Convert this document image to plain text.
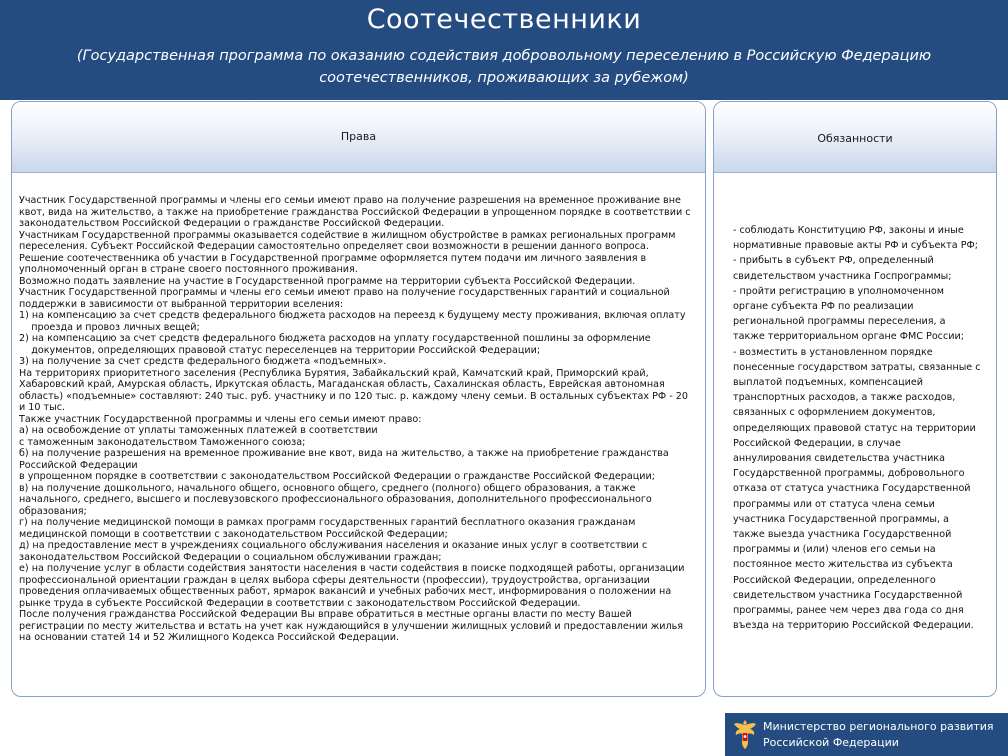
Соотечественники
(Государственная программа по оказанию содействия добровольному переселению в Российскую Федерацию соотечественников, проживающих за рубежом)
Права
Участник Государственной программы и члены его семьи имеют право на получение разрешения на временное проживание вне
квот, вида на жительство, а также на приобретение гражданства Российской Федерации в упрощенном порядке в соответствии с
законодательством Российской Федерации о гражданстве Российской Федерации.
Участникам Государственной программы оказывается содействие в жилищном обустройстве в рамках региональных программ
переселения. Субъект Российской Федерации самостоятельно определяет свои возможности в решении данного вопроса.
Решение соотечественника об участии в Государственной программе оформляется путем подачи им личного заявления в
уполномоченный орган в стране своего постоянного проживания.
Возможно подать заявление на участие в Государственной программе на территории субъекта Российской Федерации.
Участник Государственной программы и члены его семьи имеют право на получение государственных гарантий и социальной
поддержки в зависимости от выбранной территории вселения:
1) на компенсацию за счет средств федерального бюджета расходов на переезд к будущему месту проживания, включая оплату
проезда и провоз личных вещей;
2) на компенсацию за счет средств федерального бюджета расходов на уплату государственной пошлины за оформление
документов, определяющих правовой статус переселенцев на территории Российской Федерации;
3) на получение за счет средств федерального бюджета «подъемных».
На территориях приоритетного заселения (Республика Бурятия, Забайкальский край, Камчатский край, Приморский край,
Хабаровский край, Амурская область, Иркутская область, Магаданская область, Сахалинская область, Еврейская автономная
область) «подъемные» составляют: 240 тыс. руб. участнику и по 120 тыс. р. каждому члену семьи. В остальных субъектах РФ - 20
и 10 тыс.
Также участник Государственной программы и члены его семьи имеют право:
а) на освобождение от уплаты таможенных платежей в соответствии
с таможенным законодательством Таможенного союза;
б) на получение разрешения на временное проживание вне квот, вида на жительство, а также на приобретение гражданства
Российской Федерации
в упрощенном порядке в соответствии с законодательством Российской Федерации о гражданстве Российской Федерации;
в) на получение дошкольного, начального общего, основного общего, среднего (полного) общего образования, а также
начального, среднего, высшего и послевузовского профессионального образования, дополнительного профессионального
образования;
г) на получение медицинской помощи в рамках программ государственных гарантий бесплатного оказания гражданам
медицинской помощи в соответствии с законодательством Российской Федерации;
д) на предоставление мест в учреждениях социального обслуживания населения и оказание иных услуг в соответствии с
законодательством Российской Федерации о социальном обслуживании граждан;
е) на получение услуг в области содействия занятости населения в части содействия в поиске подходящей работы, организации
профессиональной ориентации граждан в целях выбора сферы деятельности (профессии), трудоустройства, организации
проведения оплачиваемых общественных работ, ярмарок вакансий и учебных рабочих мест, информирования о положении на
рынке труда в субъекте Российской Федерации в соответствии с законодательством Российской Федерации.
После получения гражданства Российской Федерации Вы вправе обратиться в местные органы власти по месту Вашей
регистрации по месту жительства и встать на учет как нуждающийся в улучшении жилищных условий и предоставлении жилья
на основании статей 14 и 52 Жилищного Кодекса Российской Федерации.
Обязанности
- соблюдать Конституцию РФ, законы и иные
нормативные правовые акты РФ и субъекта РФ;
- прибыть в субъект РФ, определенный
свидетельством участника Госпрограммы;
- пройти регистрацию в уполномоченном
органе субъекта РФ по реализации
региональной программы переселения, а
также территориальном органе ФМС России;
- возместить в установленном порядке
понесенные государством затраты, связанные с
выплатой подъемных, компенсацией
транспортных расходов, а также расходов,
связанных с оформлением документов,
определяющих правовой статус на территории
Российской Федерации, в случае
аннулирования свидетельства участника
Государственной программы, добровольного
отказа от статуса участника Государственной
программы или от статуса члена семьи
участника Государственной программы, а
также выезда участника Государственной
программы и (или) членов его семьи на
постоянное место жительства из субъекта
Российской Федерации, определенного
свидетельством участника Государственной
программы, ранее чем через два года со дня
въезда на территорию Российской Федерации.
Министерство регионального развития
Российской Федерации
